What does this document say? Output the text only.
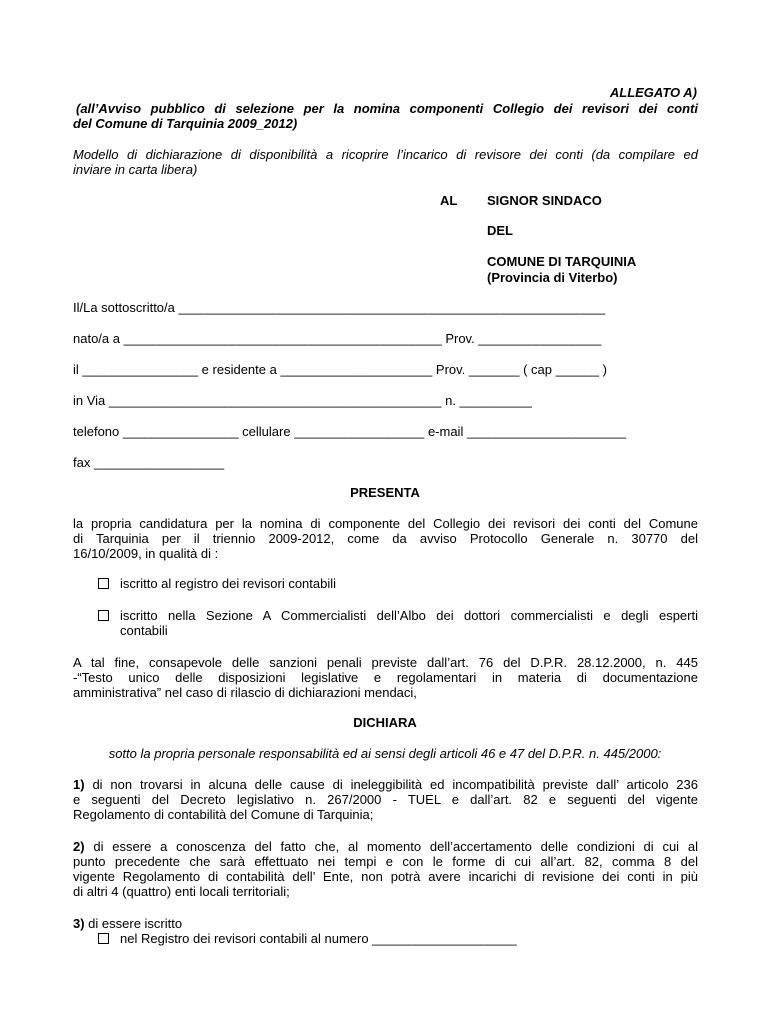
ALLEGATO A)
(all’Avviso pubblico di selezione per la nomina componenti Collegio dei revisori dei conti
del Comune di Tarquinia 2009_2012)
Modello di dichiarazione di disponibilità a ricoprire l’incarico di revisore dei conti (da compilare ed
inviare in carta libera)
AL SIGNOR SINDACO
DEL
COMUNE DI TARQUINIA
(Provincia di Viterbo)
Il/La sottoscritto/a ___________________________________________________________
nato/a a ____________________________________________ Prov. _________________
il ________________ e residente a _____________________ Prov. _______ ( cap ______ )
in Via ______________________________________________ n. __________
telefono ________________ cellulare __________________ e-mail ______________________
fax __________________
PRESENTA
la propria candidatura per la nomina di componente del Collegio dei revisori dei conti del Comune
di Tarquinia per il triennio 2009-2012, come da avviso Protocollo Generale n. 30770 del
16/10/2009, in qualità di :
iscritto al registro dei revisori contabili
iscritto nella Sezione A Commercialisti dell’Albo dei dottori commercialisti e degli esperti
contabili
A tal fine, consapevole delle sanzioni penali previste dall’art. 76 del D.P.R. 28.12.2000, n. 445
-“Testo unico delle disposizioni legislative e regolamentari in materia di documentazione
amministrativa” nel caso di rilascio di dichiarazioni mendaci,
DICHIARA
sotto la propria personale responsabilità ed ai sensi degli articoli 46 e 47 del D.P.R. n. 445/2000:
1) di non trovarsi in alcuna delle cause di ineleggibilità ed incompatibilità previste dall’ articolo 236
e seguenti del Decreto legislativo n. 267/2000 - TUEL e dall’art. 82 e seguenti del vigente
Regolamento di contabilità del Comune di Tarquinia;
2) di essere a conoscenza del fatto che, al momento dell’accertamento delle condizioni di cui al
punto precedente che sarà effettuato nei tempi e con le forme di cui all’art. 82, comma 8 del
vigente Regolamento di contabilità dell’ Ente, non potrà avere incarichi di revisione dei conti in più
di altri 4 (quattro) enti locali territoriali;
3) di essere iscritto
nel Registro dei revisori contabili al numero ____________________
